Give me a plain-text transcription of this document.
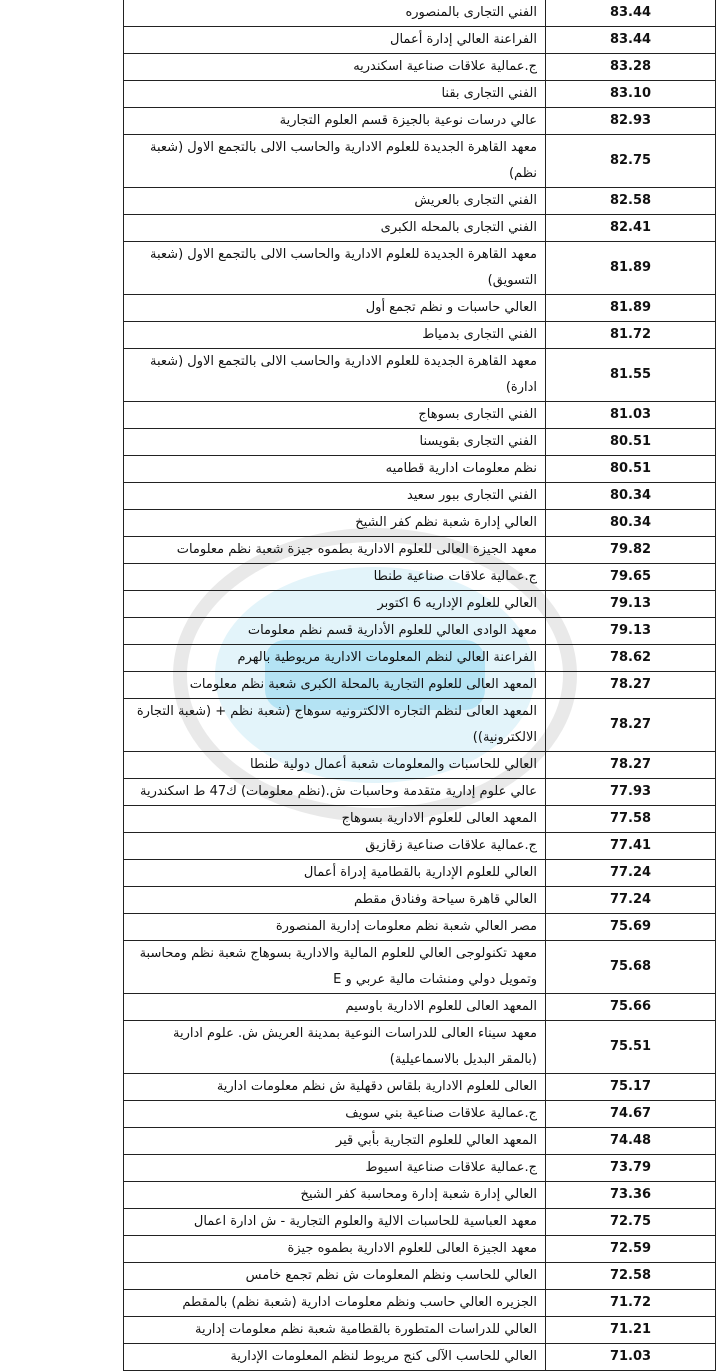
الفني التجارى بالمنصوره	83.44
الفراعنة العالي إدارة أعمال	83.44
ج.عمالية علاقات صناعية اسكندريه	83.28
الفني التجارى بقنا	83.10
عالي درسات نوعية بالجيزة قسم العلوم التجارية	82.93
معهد القاهرة الجديدة للعلوم الادارية والحاسب الالى بالتجمع الاول (شعبة نظم)	82.75
الفني التجارى بالعريش	82.58
الفني التجارى بالمحله الكبرى	82.41
معهد القاهرة الجديدة للعلوم الادارية والحاسب الالى بالتجمع الاول (شعبة التسويق)	81.89
العالي حاسبات و نظم تجمع أول	81.89
الفني التجارى بدمياط	81.72
معهد القاهرة الجديدة للعلوم الادارية والحاسب الالى بالتجمع الاول (شعبة ادارة)	81.55
الفني التجارى بسوهاج	81.03
الفني التجارى بقويسنا	80.51
نظم معلومات ادارية قطاميه	80.51
الفني التجارى ببور سعيد	80.34
العالي إدارة شعبة نظم كفر الشيخ	80.34
معهد الجيزة العالى للعلوم الادارية بطموه جيزة شعبة نظم معلومات	79.82
ج.عمالية علاقات صناعية طنطا	79.65
العالي للعلوم الإداريه 6 اكتوبر	79.13
معهد الوادى العالي للعلوم الأدارية قسم نظم معلومات	79.13
الفراعنة العالي لنظم المعلومات الادارية مريوطية بالهرم	78.62
المعهد العالى للعلوم التجارية بالمحلة الكبرى شعبة نظم معلومات	78.27
المعهد العالى لنظم التجاره الالكترونيه سوهاج (شعبة نظم + (شعبة التجارة الالكترونية))	78.27
العالي للحاسبات والمعلومات شعبة أعمال دولية طنطا	78.27
عالي علوم إدارية متقدمة وحاسبات ش.(نظم معلومات) ك47 ط اسكندرية	77.93
المعهد العالى للعلوم الادارية بسوهاج	77.58
ج.عمالية علاقات صناعية زقازيق	77.41
العالي للعلوم الإدارية بالقطامية إدراة أعمال	77.24
العالي قاهرة سياحة وفنادق مقطم	77.24
مصر العالي شعبة نظم معلومات إدارية المنصورة	75.69
معهد تكنولوجى العالي للعلوم المالية والادارية بسوهاج شعبة نظم ومحاسبة وتمويل دولي ومنشات مالية عربي و E	75.68
المعهد العالى للعلوم الادارية باوسيم	75.66
معهد سيناء العالى للدراسات النوعية بمدينة العريش ش. علوم ادارية (بالمقر البديل بالاسماعيلية)	75.51
العالى للعلوم الادارية بلقاس دقهلية ش نظم معلومات ادارية	75.17
ج.عمالية علاقات صناعية بني سويف	74.67
المعهد العالي للعلوم التجارية بأبي قير	74.48
ج.عمالية علاقات صناعية اسيوط	73.79
العالي إدارة شعبة إدارة ومحاسبة كفر الشيخ	73.36
معهد العباسية للحاسبات الالية والعلوم التجارية - ش ادارة اعمال	72.75
معهد الجيزة العالى للعلوم الادارية بطموه جيزة	72.59
العالي للحاسب ونظم المعلومات ش نظم تجمع خامس	72.58
الجزيره العالي حاسب ونظم معلومات ادارية (شعبة نظم) بالمقطم	71.72
العالي للدراسات المتطورة بالقطامية شعبة نظم معلومات إدارية	71.21
العالي للحاسب الآلى كنج مريوط لنظم المعلومات الإدارية	71.03
